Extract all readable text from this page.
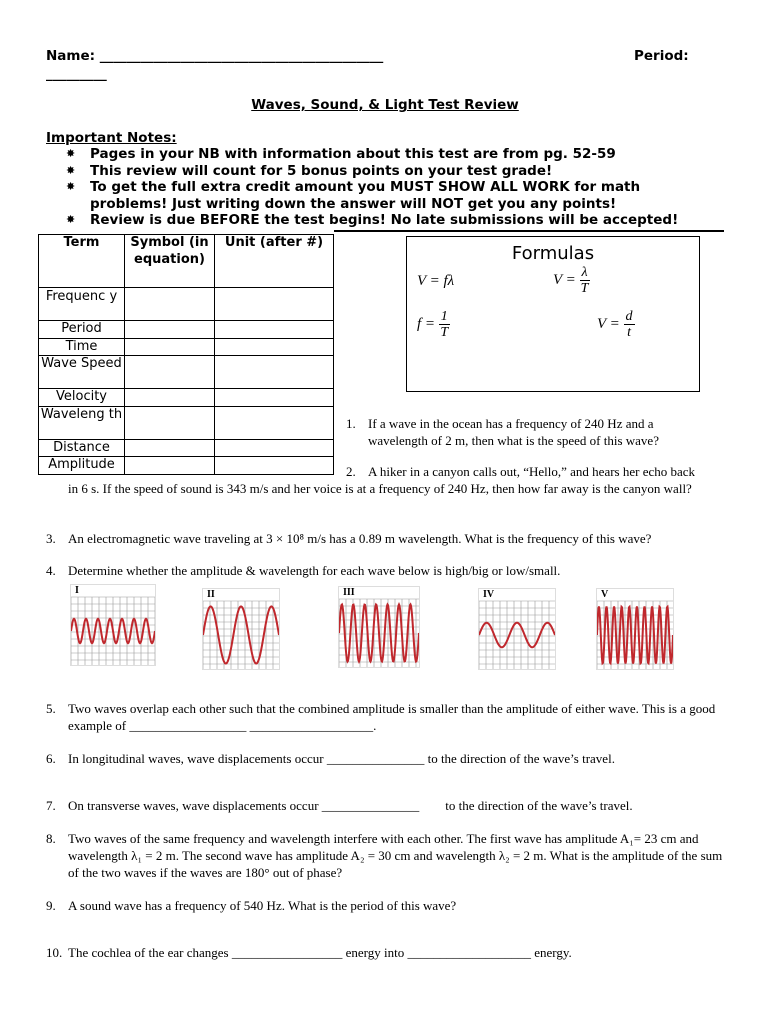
Name: __________________________________________	Period:
_________
Waves, Sound, & Light Test Review
Important Notes:
✸ Pages in your NB with information about this test are from pg. 52-59
✸ This review will count for 5 bonus points on your test grade!
✸ To get the full extra credit amount you MUST SHOW ALL WORK for math problems! Just writing down the answer will NOT get you any points!
✸ Review is due BEFORE the test begins! No late submissions will be accepted!
Term	Symbol (in equation)	Unit (after #)
Frequenc y		
Period		
Time		
Wave Speed		
Velocity		
Waveleng th		
Distance		
Amplitude		
Formulas
V = fλ	$V = \frac{\lambda}{T}$
$f = \frac{1}{T}$	$V = \frac{d}{t}$
1. If a wave in the ocean has a frequency of 240 Hz and a wavelength of 2 m, then what is the speed of this wave?
2. A hiker in a canyon calls out, “Hello,” and hears her echo back
in 6 s. If the speed of sound is 343 m/s and her voice is at a frequency of 240 Hz, then how far away is the canyon wall?
3. An electromagnetic wave traveling at 3 × 10⁸ m/s has a 0.89 m wavelength. What is the frequency of this wave?
4. Determine whether the amplitude & wavelength for each wave below is high/big or low/small.
I	II	III	IV	V
5. Two waves overlap each other such that the combined amplitude is smaller than the amplitude of either wave. This is a good example of __________________ ___________________.
6. In longitudinal waves, wave displacements occur _______________ to the direction of the wave’s travel.
7. On transverse waves, wave displacements occur _______________        to the direction of the wave’s travel.
8. Two waves of the same frequency and wavelength interfere with each other. The first wave has amplitude A₁= 23 cm and wavelength λ₁ = 2 m. The second wave has amplitude A₂ = 30 cm and wavelength λ₂ = 2 m. What is the amplitude of the sum of the two waves if the waves are 180° out of phase?
9. A sound wave has a frequency of 540 Hz. What is the period of this wave?
10. The cochlea of the ear changes _________________ energy into ___________________ energy.
